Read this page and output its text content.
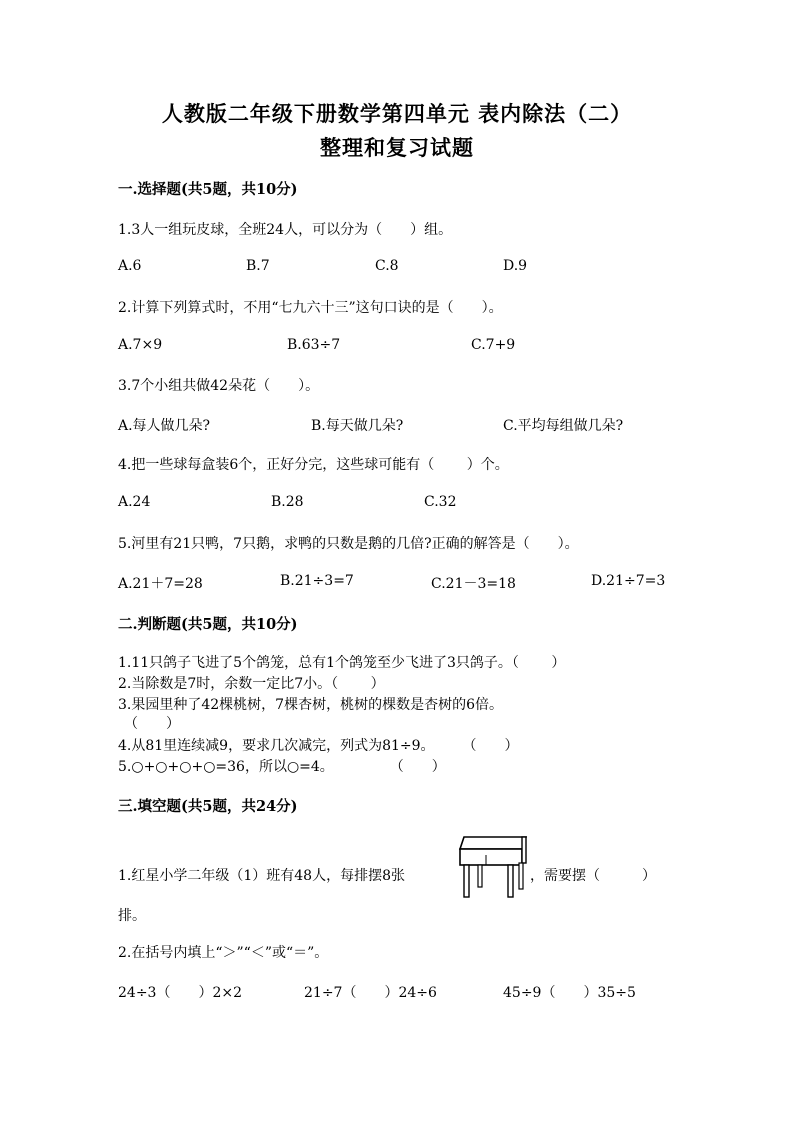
人教版二年级下册数学第四单元 表内除法（二）
整理和复习试题
一.选择题(共5题，共10分)
1.3人一组玩皮球，全班24人，可以分为（　　）组。
A.6	B.7	C.8	D.9
2.计算下列算式时，不用“七九六十三”这句口诀的是（　　）。
A.7×9	B.63÷7	C.7+9
3.7个小组共做42朵花（　　）。
A.每人做几朵?	B.每天做几朵?	C.平均每组做几朵?
4.把一些球每盒装6个，正好分完，这些球可能有（　　 ）个。
A.24	B.28	C.32
5.河里有21只鸭，7只鹅，求鸭的只数是鹅的几倍?正确的解答是（　　）。
A.21＋7=28	B.21÷3=7	C.21－3=18	D.21÷7=3
二.判断题(共5题，共10分)
1.11只鸽子飞进了5个鸽笼，总有1个鸽笼至少飞进了3只鸽子。（　　 ）
2.当除数是7时，余数一定比7小。（　　 ）
3.果园里种了42棵桃树，7棵杏树，桃树的棵数是杏树的6倍。
（　　）
4.从81里连续减9，要求几次减完，列式为81÷9。　　　（　　）
5.○+○+○+○=36，所以○=4。　　　　　（　　）
三.填空题(共5题，共24分)
1.红星小学二年级（1）班有48人，每排摆8张	，需要摆（　　　）
排。
2.在括号内填上“＞”“＜”或“＝”。
24÷3（　　）2×2	21÷7（　　）24÷6	45÷9（　　）35÷5
